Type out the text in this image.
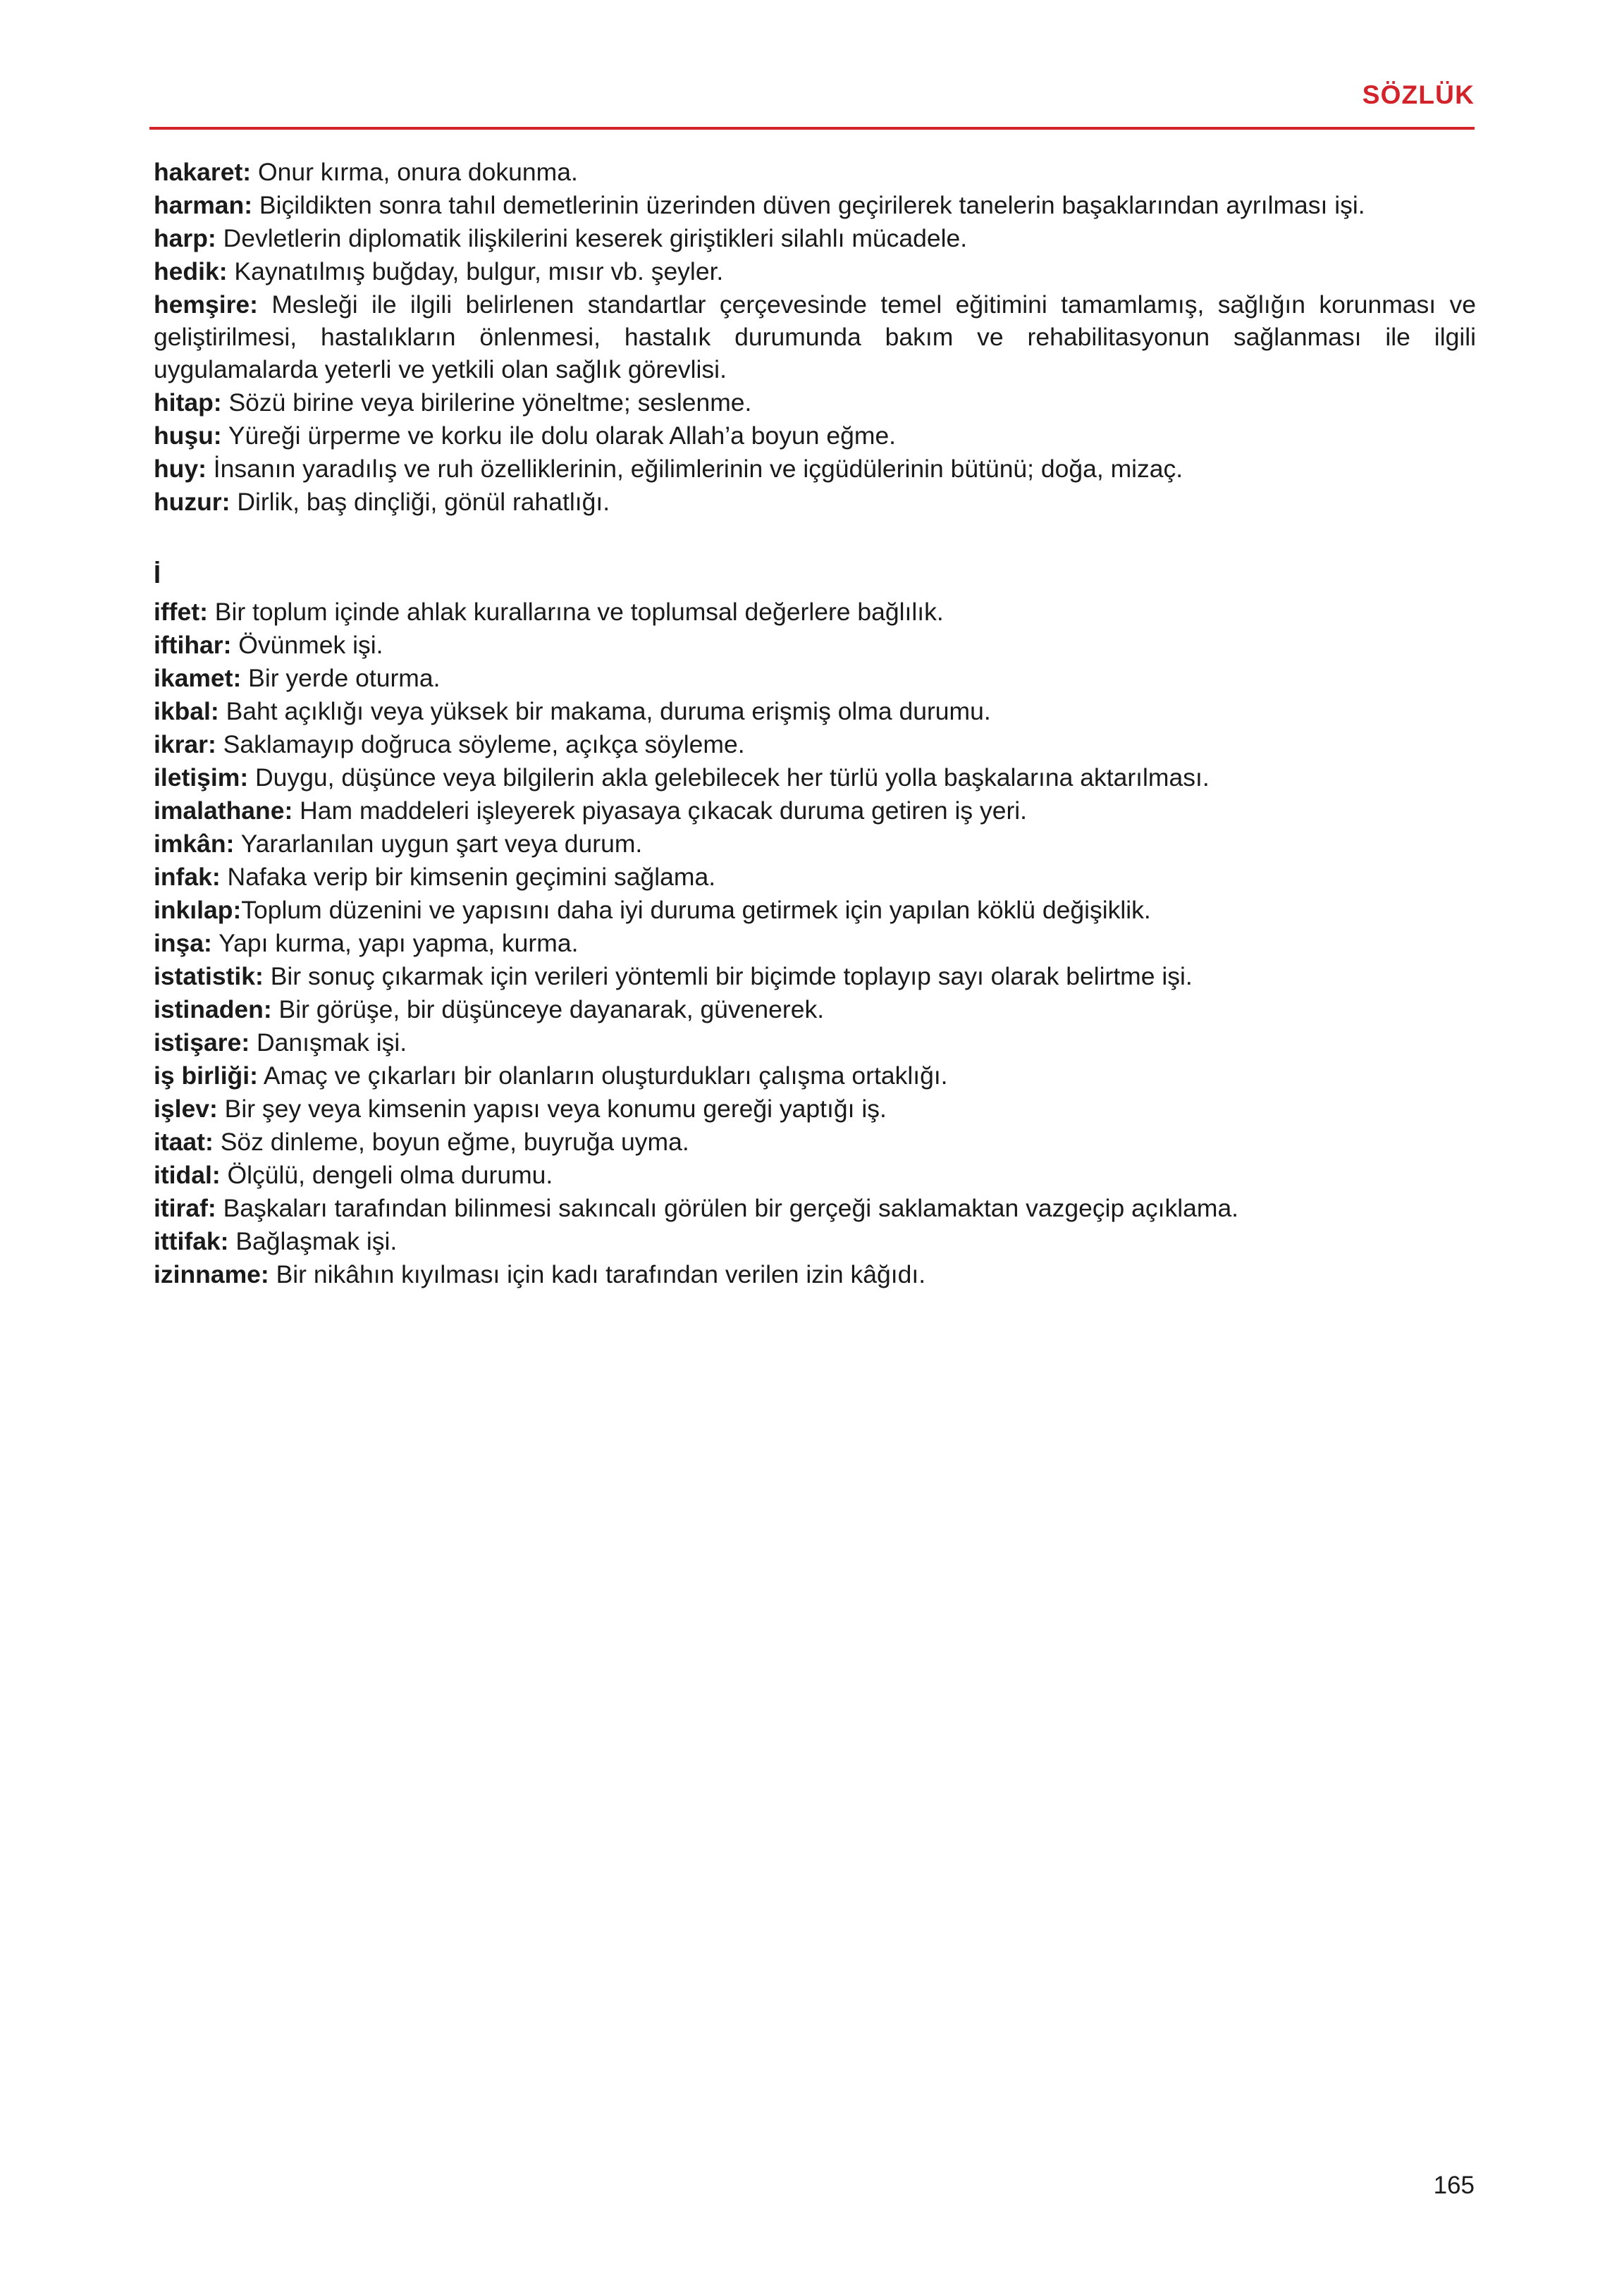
SÖZLÜK

hakaret: Onur kırma, onura dokunma.

harman: Biçildikten sonra tahıl demetlerinin üzerinden düven geçirilerek tanelerin başaklarından ayrılması işi.

harp: Devletlerin diplomatik ilişkilerini keserek giriştikleri silahlı mücadele.

hedik: Kaynatılmış buğday, bulgur, mısır vb. şeyler.

hemşire: Mesleği ile ilgili belirlenen standartlar çerçevesinde temel eğitimini tamamlamış, sağlığın korunması ve geliştirilmesi, hastalıkların önlenmesi, hastalık durumunda bakım ve rehabilitasyonun sağlanması ile ilgili uygulamalarda yeterli ve yetkili olan sağlık görevlisi.

hitap: Sözü birine veya birilerine yöneltme; seslenme.

huşu: Yüreği ürperme ve korku ile dolu olarak Allah’a boyun eğme.

huy: İnsanın yaradılış ve ruh özelliklerinin, eğilimlerinin ve içgüdülerinin bütünü; doğa, mizaç.

huzur: Dirlik, baş dinçliği, gönül rahatlığı.

İ

iffet: Bir toplum içinde ahlak kurallarına ve toplumsal değerlere bağlılık.

iftihar: Övünmek işi.

ikamet: Bir yerde oturma.

ikbal: Baht açıklığı veya yüksek bir makama, duruma erişmiş olma durumu.

ikrar: Saklamayıp doğruca söyleme, açıkça söyleme.

iletişim: Duygu, düşünce veya bilgilerin akla gelebilecek her türlü yolla başkalarına aktarılması.

imalathane: Ham maddeleri işleyerek piyasaya çıkacak duruma getiren iş yeri.

imkân: Yararlanılan uygun şart veya durum.

infak: Nafaka verip bir kimsenin geçimini sağlama.

inkılap:Toplum düzenini ve yapısını daha iyi duruma getirmek için yapılan köklü değişiklik.

inşa: Yapı kurma, yapı yapma, kurma.

istatistik: Bir sonuç çıkarmak için verileri yöntemli bir biçimde toplayıp sayı olarak belirtme işi.

istinaden: Bir görüşe, bir düşünceye dayanarak, güvenerek.

istişare: Danışmak işi.

iş birliği: Amaç ve çıkarları bir olanların oluşturdukları çalışma ortaklığı.

işlev: Bir şey veya kimsenin yapısı veya konumu gereği yaptığı iş.

itaat: Söz dinleme, boyun eğme, buyruğa uyma.

itidal: Ölçülü, dengeli olma durumu.

itiraf: Başkaları tarafından bilinmesi sakıncalı görülen bir gerçeği saklamaktan vazgeçip açıklama.

ittifak: Bağlaşmak işi.

izinname: Bir nikâhın kıyılması için kadı tarafından verilen izin kâğıdı.

165
